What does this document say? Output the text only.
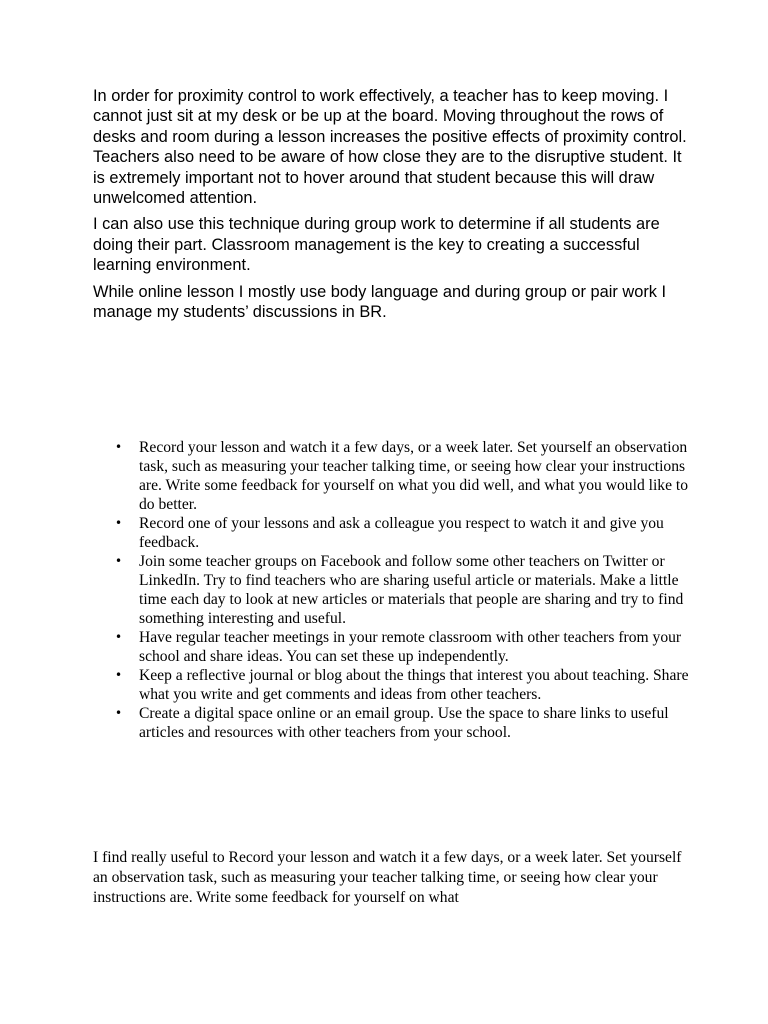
In order for proximity control to work effectively, a teacher has to keep moving. I cannot just sit at my desk or be up at the board. Moving throughout the rows of desks and room during a lesson increases the positive effects of proximity control. Teachers also need to be aware of how close they are to the disruptive student. It is extremely important not to hover around that student because this will draw unwelcomed attention.

I can also use this technique during group work to determine if all students are doing their part. Classroom management is the key to creating a successful learning environment.

While online lesson I mostly use body language and during group or pair work I manage my students’ discussions in BR.

• Record your lesson and watch it a few days, or a week later. Set yourself an observation task, such as measuring your teacher talking time, or seeing how clear your instructions are. Write some feedback for yourself on what you did well, and what you would like to do better.
• Record one of your lessons and ask a colleague you respect to watch it and give you feedback.
• Join some teacher groups on Facebook and follow some other teachers on Twitter or LinkedIn. Try to find teachers who are sharing useful article or materials. Make a little time each day to look at new articles or materials that people are sharing and try to find something interesting and useful.
• Have regular teacher meetings in your remote classroom with other teachers from your school and share ideas. You can set these up independently.
• Keep a reflective journal or blog about the things that interest you about teaching. Share what you write and get comments and ideas from other teachers.
• Create a digital space online or an email group. Use the space to share links to useful articles and resources with other teachers from your school.

I find really useful to Record your lesson and watch it a few days, or a week later. Set yourself an observation task, such as measuring your teacher talking time, or seeing how clear your instructions are. Write some feedback for yourself on what
